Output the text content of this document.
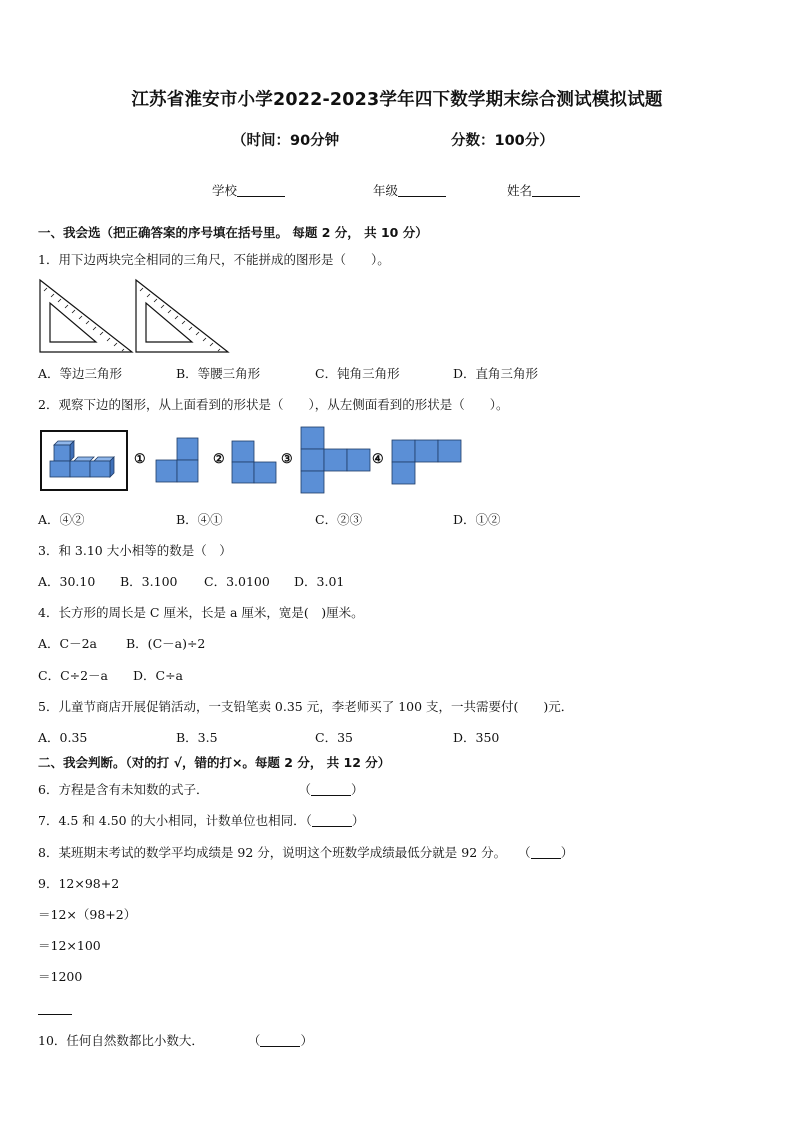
江苏省淮安市小学2022-2023学年四下数学期末综合测试模拟试题
（时间：90分钟	分数：100分）
学校	年级	姓名
一、我会选（把正确答案的序号填在括号里。 每题 2 分， 共 10 分）
1．用下边两块完全相同的三角尺，不能拼成的图形是（　　）。
A．等边三角形	B．等腰三角形	C．钝角三角形	D．直角三角形
2．观察下边的图形，从上面看到的形状是（　　），从左侧面看到的形状是（　　）。
①	②	③	④
A．④②	B．④①	C．②③	D．①②
3．和 3.10 大小相等的数是（　）
A．30.10 B．3.100 C．3.0100 D．3.01
4．长方形的周长是 C 厘米，长是 a 厘米，宽是(　)厘米。
A．C－2a B．(C－a)÷2
C．C÷2－a D．C÷a
5．儿童节商店开展促销活动，一支铅笔卖 0.35 元，李老师买了 100 支，一共需要付(　　)元．
A．0.35	B．3.5	C．35	D．350
二、我会判断。（对的打 √，错的打×。每题 2 分， 共 12 分）
6．方程是含有未知数的式子．	（	）
7．4.5 和 4.50 的大小相同，计数单位也相同．（	）
8．某班期末考试的数学平均成绩是 92 分，说明这个班数学成绩最低分就是 92 分。 （ ）
9．12×98+2
＝12×（98+2）
＝12×100
＝1200
10．任何自然数都比小数大．	（	）
